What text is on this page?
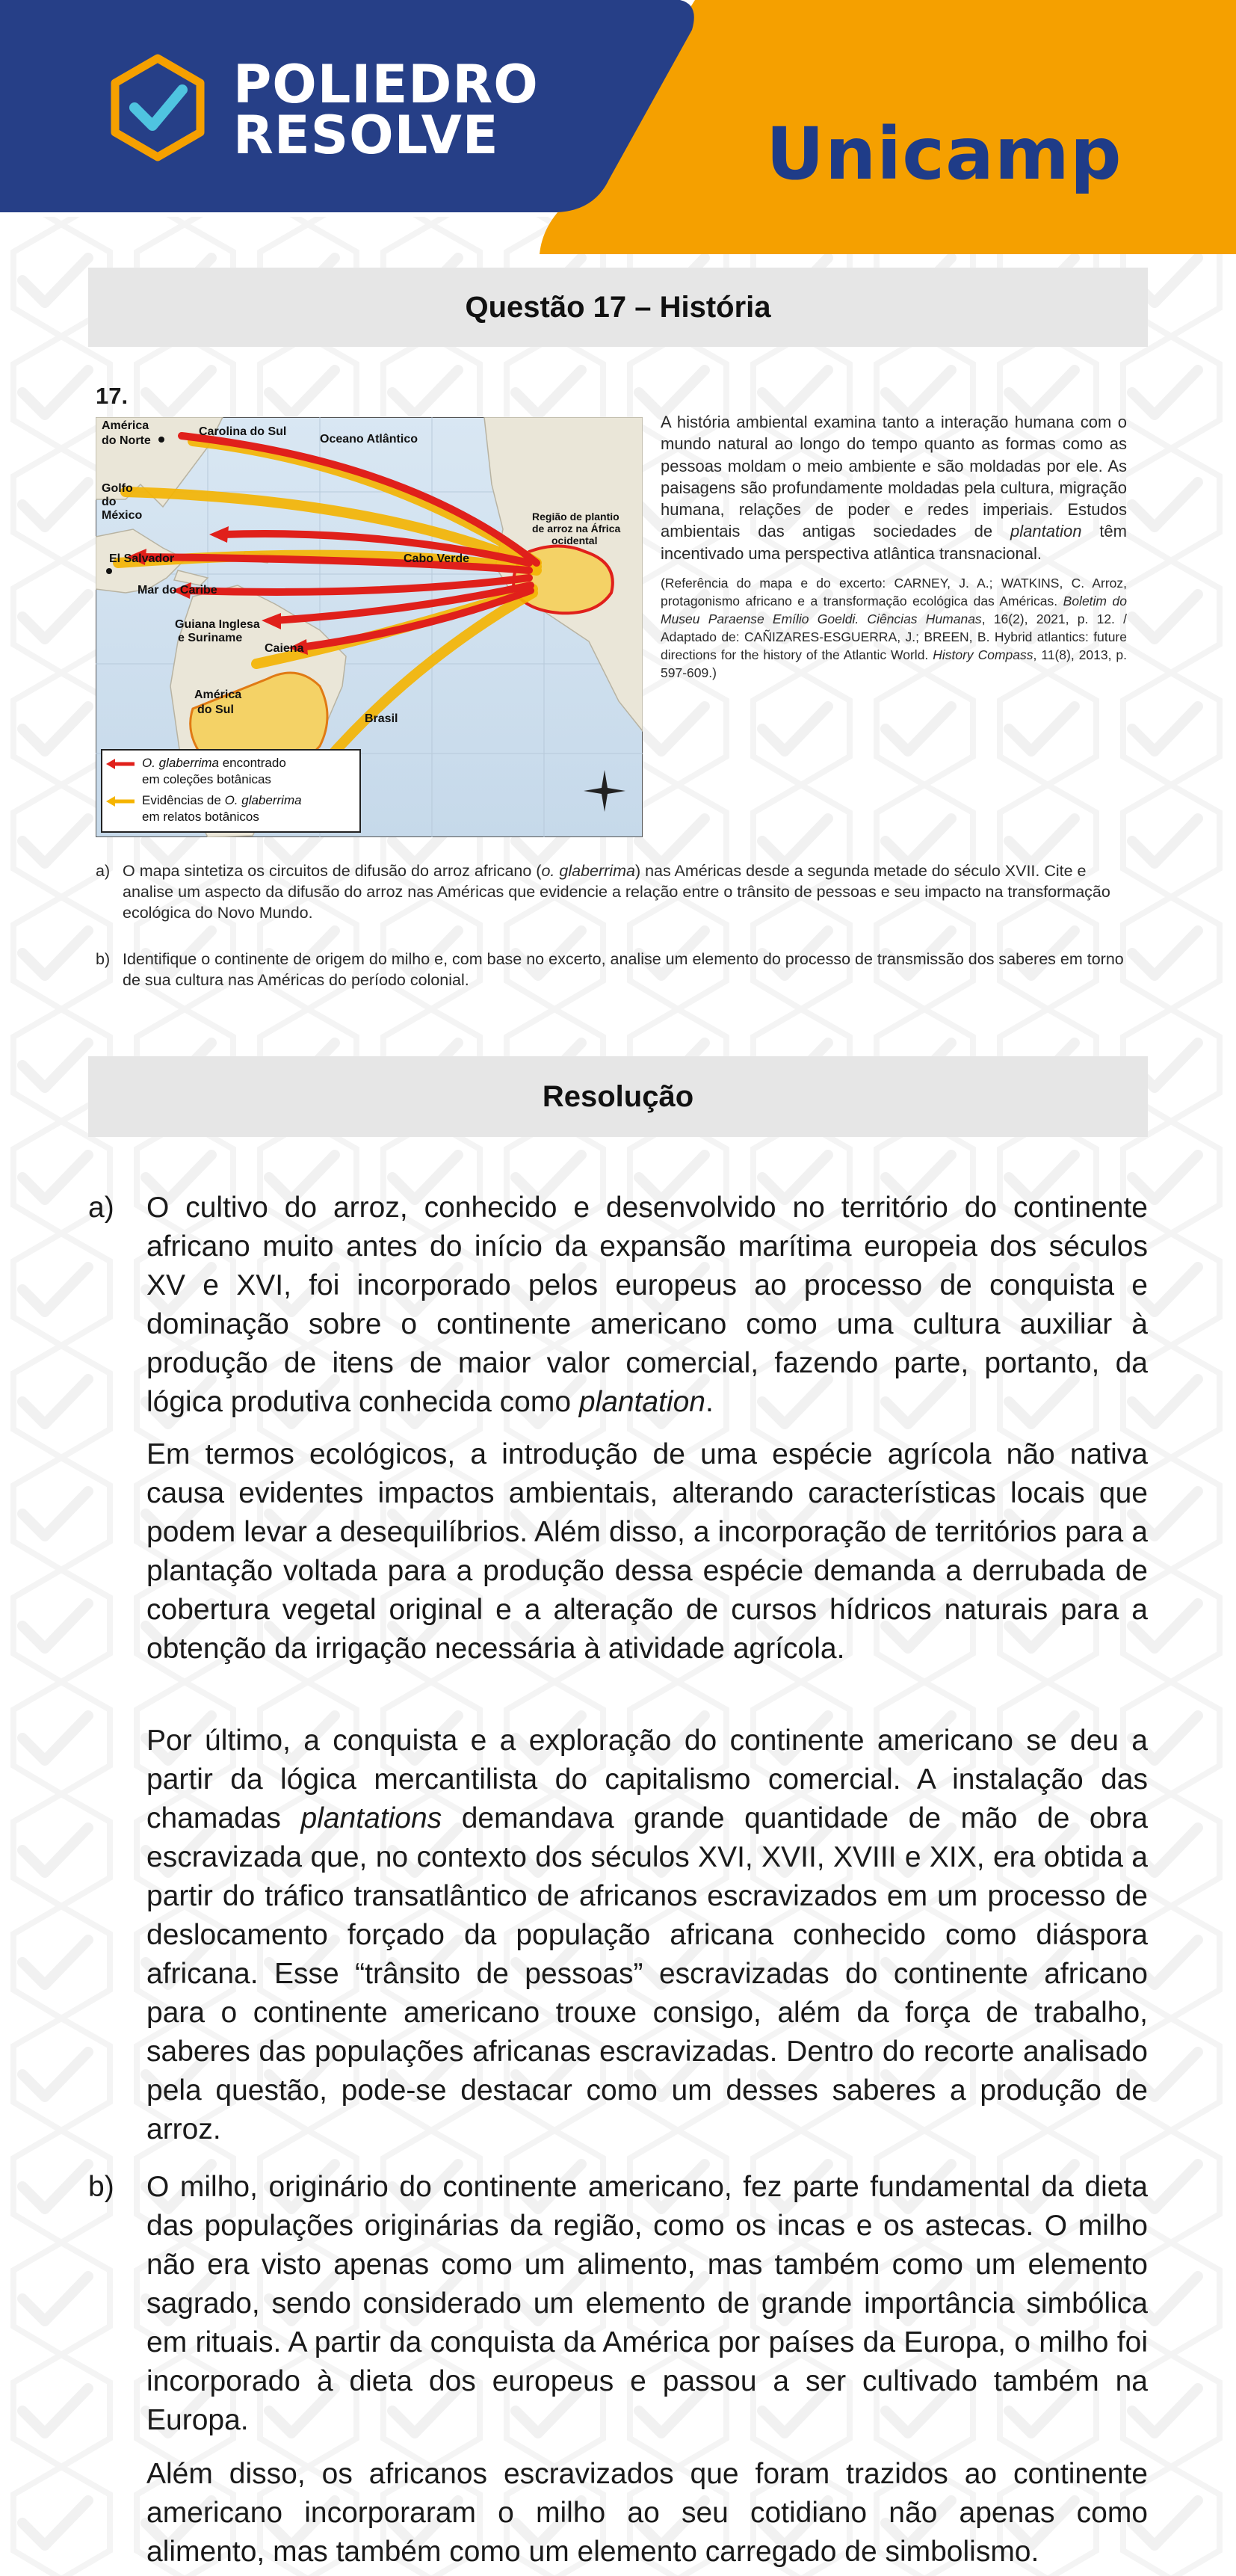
POLIEDRO
RESOLVE	Unicamp
Questão 17 – História
17.
América
do Norte
Carolina do Sul
Oceano Atlântico
Golfo
do
México	Região de plantio
de arroz na África
ocidental
El Salvador	Cabo Verde
Mar do Caribe
Guiana Inglesa
e Suriname
Caiena
América
do Sul
Brasil
O. glaberrima encontrado
em coleções botânicas
Evidências de O. glaberrima
em relatos botânicos
A história ambiental examina tanto a interação humana com o mundo natural ao longo do tempo quanto as formas como as pessoas moldam o meio ambiente e são moldadas por ele. As paisagens são profundamente moldadas pela cultura, migração humana, relações de poder e redes imperiais. Estudos ambientais das antigas sociedades de plantation têm incentivado uma perspectiva atlântica transnacional.
(Referência do mapa e do excerto: CARNEY, J. A.; WATKINS, C. Arroz, protagonismo africano e a transformação ecológica das Américas. Boletim do Museu Paraense Emílio Goeldi. Ciências Humanas, 16(2), 2021, p. 12. / Adaptado de: CAÑIZARES-ESGUERRA, J.; BREEN, B. Hybrid atlantics: future directions for the history of the Atlantic World. History Compass, 11(8), 2013, p. 597-609.)
a) O mapa sintetiza os circuitos de difusão do arroz africano (o. glaberrima) nas Américas desde a segunda metade do século XVII. Cite e analise um aspecto da difusão do arroz nas Américas que evidencie a relação entre o trânsito de pessoas e seu impacto na transformação ecológica do Novo Mundo.
b) Identifique o continente de origem do milho e, com base no excerto, analise um elemento do processo de transmissão dos saberes em torno de sua cultura nas Américas do período colonial.
Resolução
a) O cultivo do arroz, conhecido e desenvolvido no território do continente africano muito antes do início da expansão marítima europeia dos séculos XV e XVI, foi incorporado pelos europeus ao processo de conquista e dominação sobre o continente americano como uma cultura auxiliar à produção de itens de maior valor comercial, fazendo parte, portanto, da lógica produtiva conhecida como plantation.
Em termos ecológicos, a introdução de uma espécie agrícola não nativa causa evidentes impactos ambientais, alterando características locais que podem levar a desequilíbrios. Além disso, a incorporação de territórios para a plantação voltada para a produção dessa espécie demanda a derrubada de cobertura vegetal original e a alteração de cursos hídricos naturais para a obtenção da irrigação necessária à atividade agrícola.
Por último, a conquista e a exploração do continente americano se deu a partir da lógica mercantilista do capitalismo comercial. A instalação das chamadas plantations demandava grande quantidade de mão de obra escravizada que, no contexto dos séculos XVI, XVII, XVIII e XIX, era obtida a partir do tráfico transatlântico de africanos escravizados em um processo de deslocamento forçado da população africana conhecido como diáspora africana. Esse “trânsito de pessoas” escravizadas do continente africano para o continente americano trouxe consigo, além da força de trabalho, saberes das populações africanas escravizadas. Dentro do recorte analisado pela questão, pode-se destacar como um desses saberes a produção de arroz.
b) O milho, originário do continente americano, fez parte fundamental da dieta das populações originárias da região, como os incas e os astecas. O milho não era visto apenas como um alimento, mas também como um elemento sagrado, sendo considerado um elemento de grande importância simbólica em rituais. A partir da conquista da América por países da Europa, o milho foi incorporado à dieta dos europeus e passou a ser cultivado também na Europa.
Além disso, os africanos escravizados que foram trazidos ao continente americano incorporaram o milho ao seu cotidiano não apenas como alimento, mas também como um elemento carregado de simbolismo.
